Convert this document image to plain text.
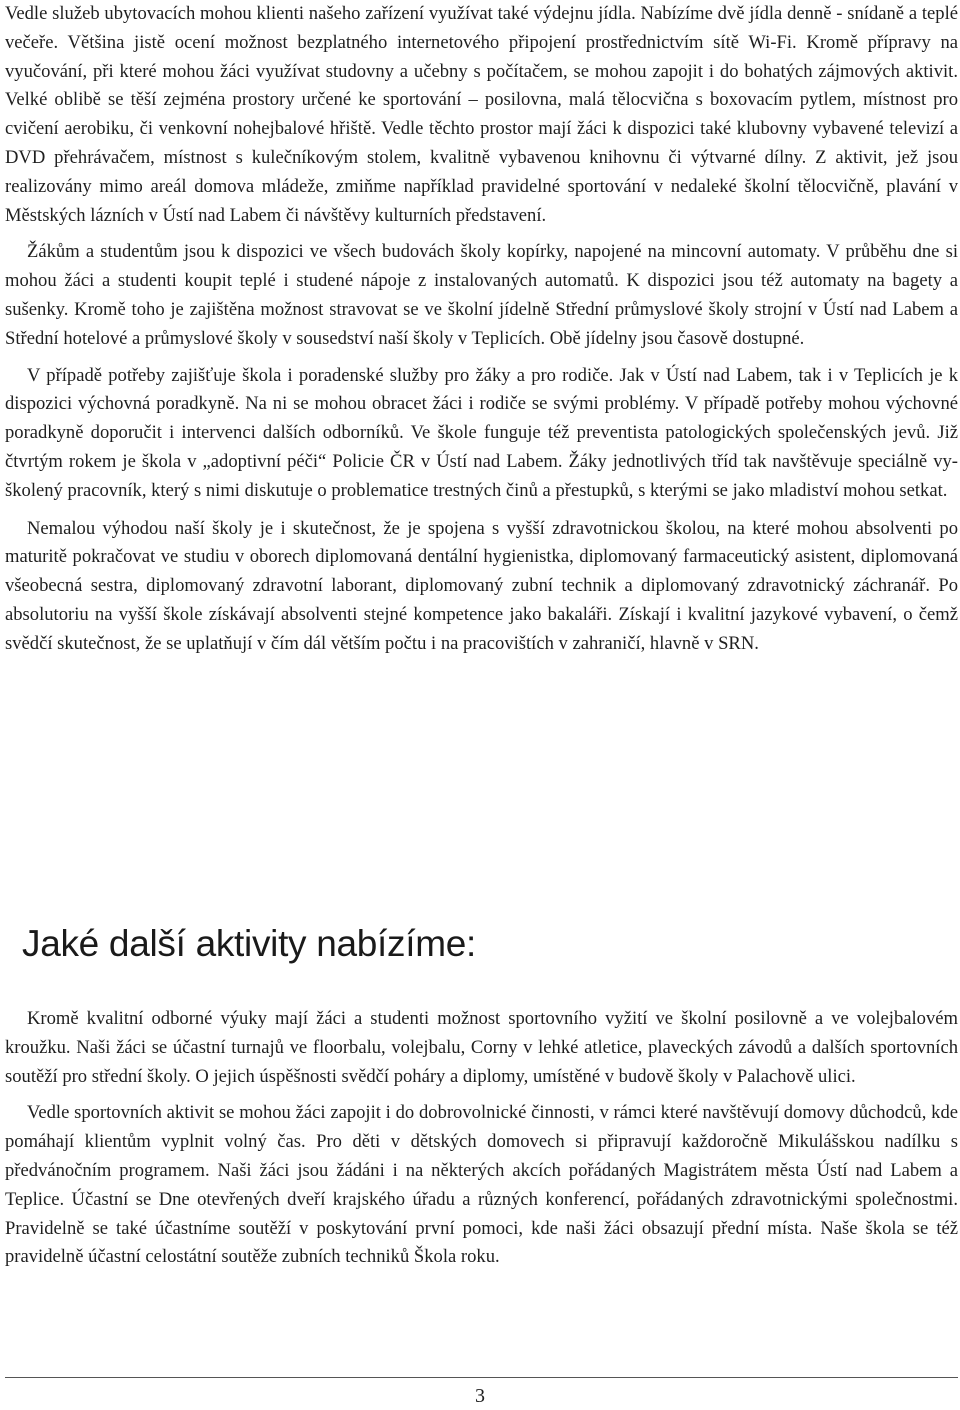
Vedle služeb ubytovacích mohou klienti našeho zařízení využívat také výdejnu jídla. Nabízíme dvě jídla denně - snídaně a teplé večeře. Většina jistě ocení možnost bezplatného internetového připojení prostřednictvím sítě Wi-Fi. Kromě přípravy na vyučování, při které mohou žáci využívat studovny a učebny s počítačem, se mohou zapojit i do bohatých zájmových aktivit. Velké oblibě se těší zejména prostory určené ke sportování – posilovna, malá tělocvična s boxovacím pytlem, místnost pro cvičení aerobiku, či venkovní nohejbalové hřiště. Vedle těchto prostor mají žáci k dispozici také klubovny vybavené televizí a DVD přehrávačem, místnost s kulečníkovým stolem, kvalitně vybavenou knihovnu či výtvarné dílny. Z aktivit, jež jsou realizovány mimo areál domova mládeže, zmiňme například pravidelné sportování v nedaleké školní tělocvičně, plavání v Městských lázních v Ústí nad Labem či návštěvy kulturních představení.

Žákům a studentům jsou k dispozici ve všech budovách školy kopírky, napojené na mincovní automaty. V průběhu dne si mohou žáci a studenti koupit teplé i studené nápoje z instalovaných automatů. K dispozici jsou též automaty na bagety a sušenky. Kromě toho je zajištěna možnost stravovat se ve školní jídelně Střední průmyslové školy strojní v Ústí nad Labem a Střední hotelové a průmyslové školy v sousedství naší školy v Teplicích. Obě jídelny jsou časově dostupné.

V případě potřeby zajišťuje škola i poradenské služby pro žáky a pro rodiče. Jak v Ústí nad Labem, tak i v Teplicích je k dispozici výchovná poradkyně. Na ni se mohou obracet žáci i rodiče se svými problémy. V případě potřeby mohou výchovné poradkyně doporučit i intervenci dalších odborníků. Ve škole funguje též preventista patologických společenských jevů. Již čtvrtým rokem je škola v „adoptivní péči“ Policie ČR v Ústí nad Labem. Žáky jednotlivých tříd tak navštěvuje speciálně vyškolený pracovník, který s nimi diskutuje o problematice trestných činů a přestupků, s kterými se jako mladiství mohou setkat.

Nemalou výhodou naší školy je i skutečnost, že je spojena s vyšší zdravotnickou školou, na které mohou absolventi po maturitě pokračovat ve studiu v oborech diplomovaná dentální hygienistka, diplomovaný farmaceutický asistent, diplomovaná všeobecná sestra, diplomovaný zdravotní laborant, diplomovaný zubní technik a diplomovaný zdravotnický záchranář. Po absolutoriu na vyšší škole získávají absolventi stejné kompetence jako bakaláři. Získají i kvalitní jazykové vybavení, o čemž svědčí skutečnost, že se uplatňují v čím dál větším počtu i na pracovištích v zahraničí, hlavně v SRN.

Jaké další aktivity nabízíme:

Kromě kvalitní odborné výuky mají žáci a studenti možnost sportovního vyžití ve školní posilovně a ve volejbalovém kroužku. Naši žáci se účastní turnajů ve floorbalu, volejbalu, Corny v lehké atletice, plaveckých závodů a dalších sportovních soutěží pro střední školy. O jejich úspěšnosti svědčí poháry a diplomy, umístěné v budově školy v Palachově ulici.

Vedle sportovních aktivit se mohou žáci zapojit i do dobrovolnické činnosti, v rámci které navštěvují domovy důchodců, kde pomáhají klientům vyplnit volný čas. Pro děti v dětských domovech si připravují každoročně Mikulášskou nadílku s předvánočním programem. Naši žáci jsou žádáni i na některých akcích pořádaných Magistrátem města Ústí nad Labem a Teplice. Účastní se Dne otevřených dveří krajského úřadu a různých konferencí, pořádaných zdravotnickými společnostmi. Pravidelně se také účastníme soutěží v poskytování první pomoci, kde naši žáci obsazují přední místa. Naše škola se též pravidelně účastní celostátní soutěže zubních techniků Škola roku.

3
